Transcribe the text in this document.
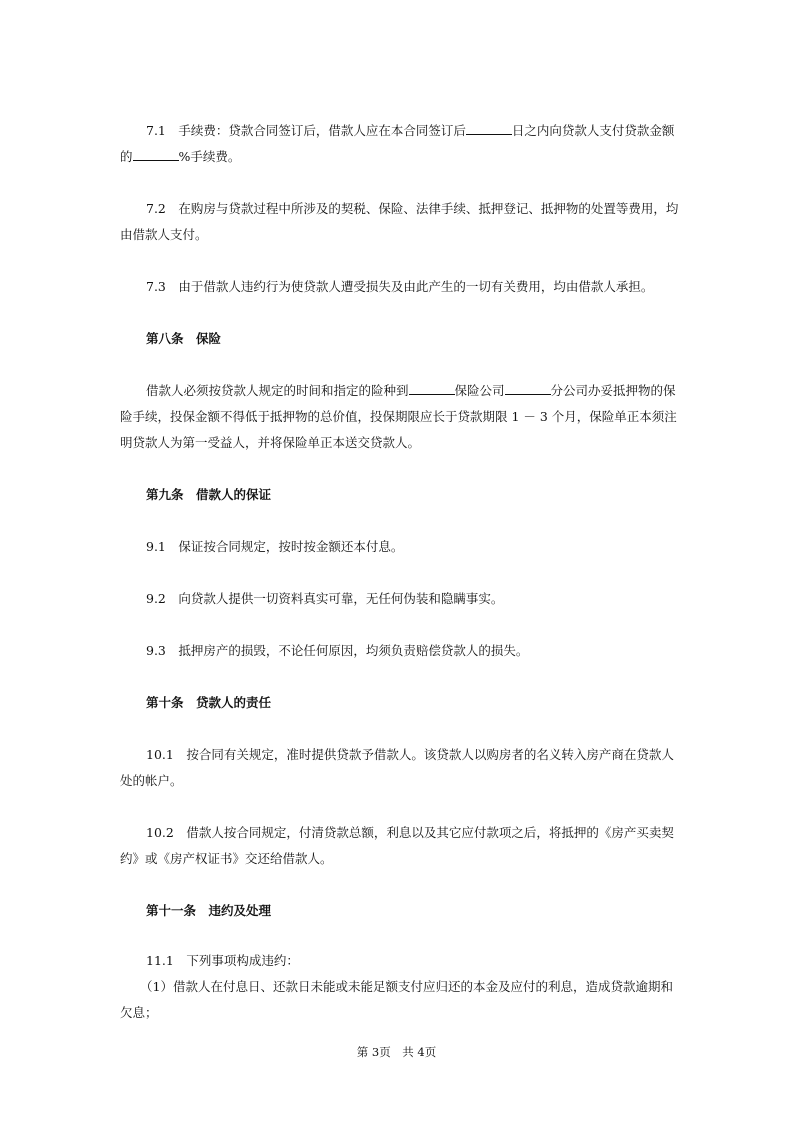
7.1　 手续费：贷款合同签订后，借款人应在本合同签订后	日之内向贷款人支付贷款金额的	%手续费。

7.2　 在购房与贷款过程中所涉及的契税、保险、法律手续、抵押登记、抵押物的处置等费用，均由借款人支付。

7.3　 由于借款人违约行为使贷款人遭受损失及由此产生的一切有关费用，均由借款人承担。

第八条　保险

借款人必须按贷款人规定的时间和指定的险种到	保险公司	分公司办妥抵押物的保险手续，投保金额不得低于抵押物的总价值，投保期限应长于贷款期限 1 － 3 个月，保险单正本须注明贷款人为第一受益人，并将保险单正本送交贷款人。

第九条　借款人的保证

9.1　 保证按合同规定，按时按金额还本付息。

9.2　 向贷款人提供一切资料真实可靠，无任何伪装和隐瞒事实。

9.3　 抵押房产的损毁，不论任何原因，均须负责赔偿贷款人的损失。

第十条　贷款人的责任

10.1　 按合同有关规定，准时提供贷款予借款人。该贷款人以购房者的名义转入房产商在贷款人处的帐户。

10.2　 借款人按合同规定，付清贷款总额，利息以及其它应付款项之后，将抵押的《房产买卖契约》或《房产权证书》交还给借款人。

第十一条　违约及处理

11.1　 下列事项构成违约：

（1）借款人在付息日、还款日未能或未能足额支付应归还的本金及应付的利息，造成贷款逾期和欠息；

第 3页　共 4页
